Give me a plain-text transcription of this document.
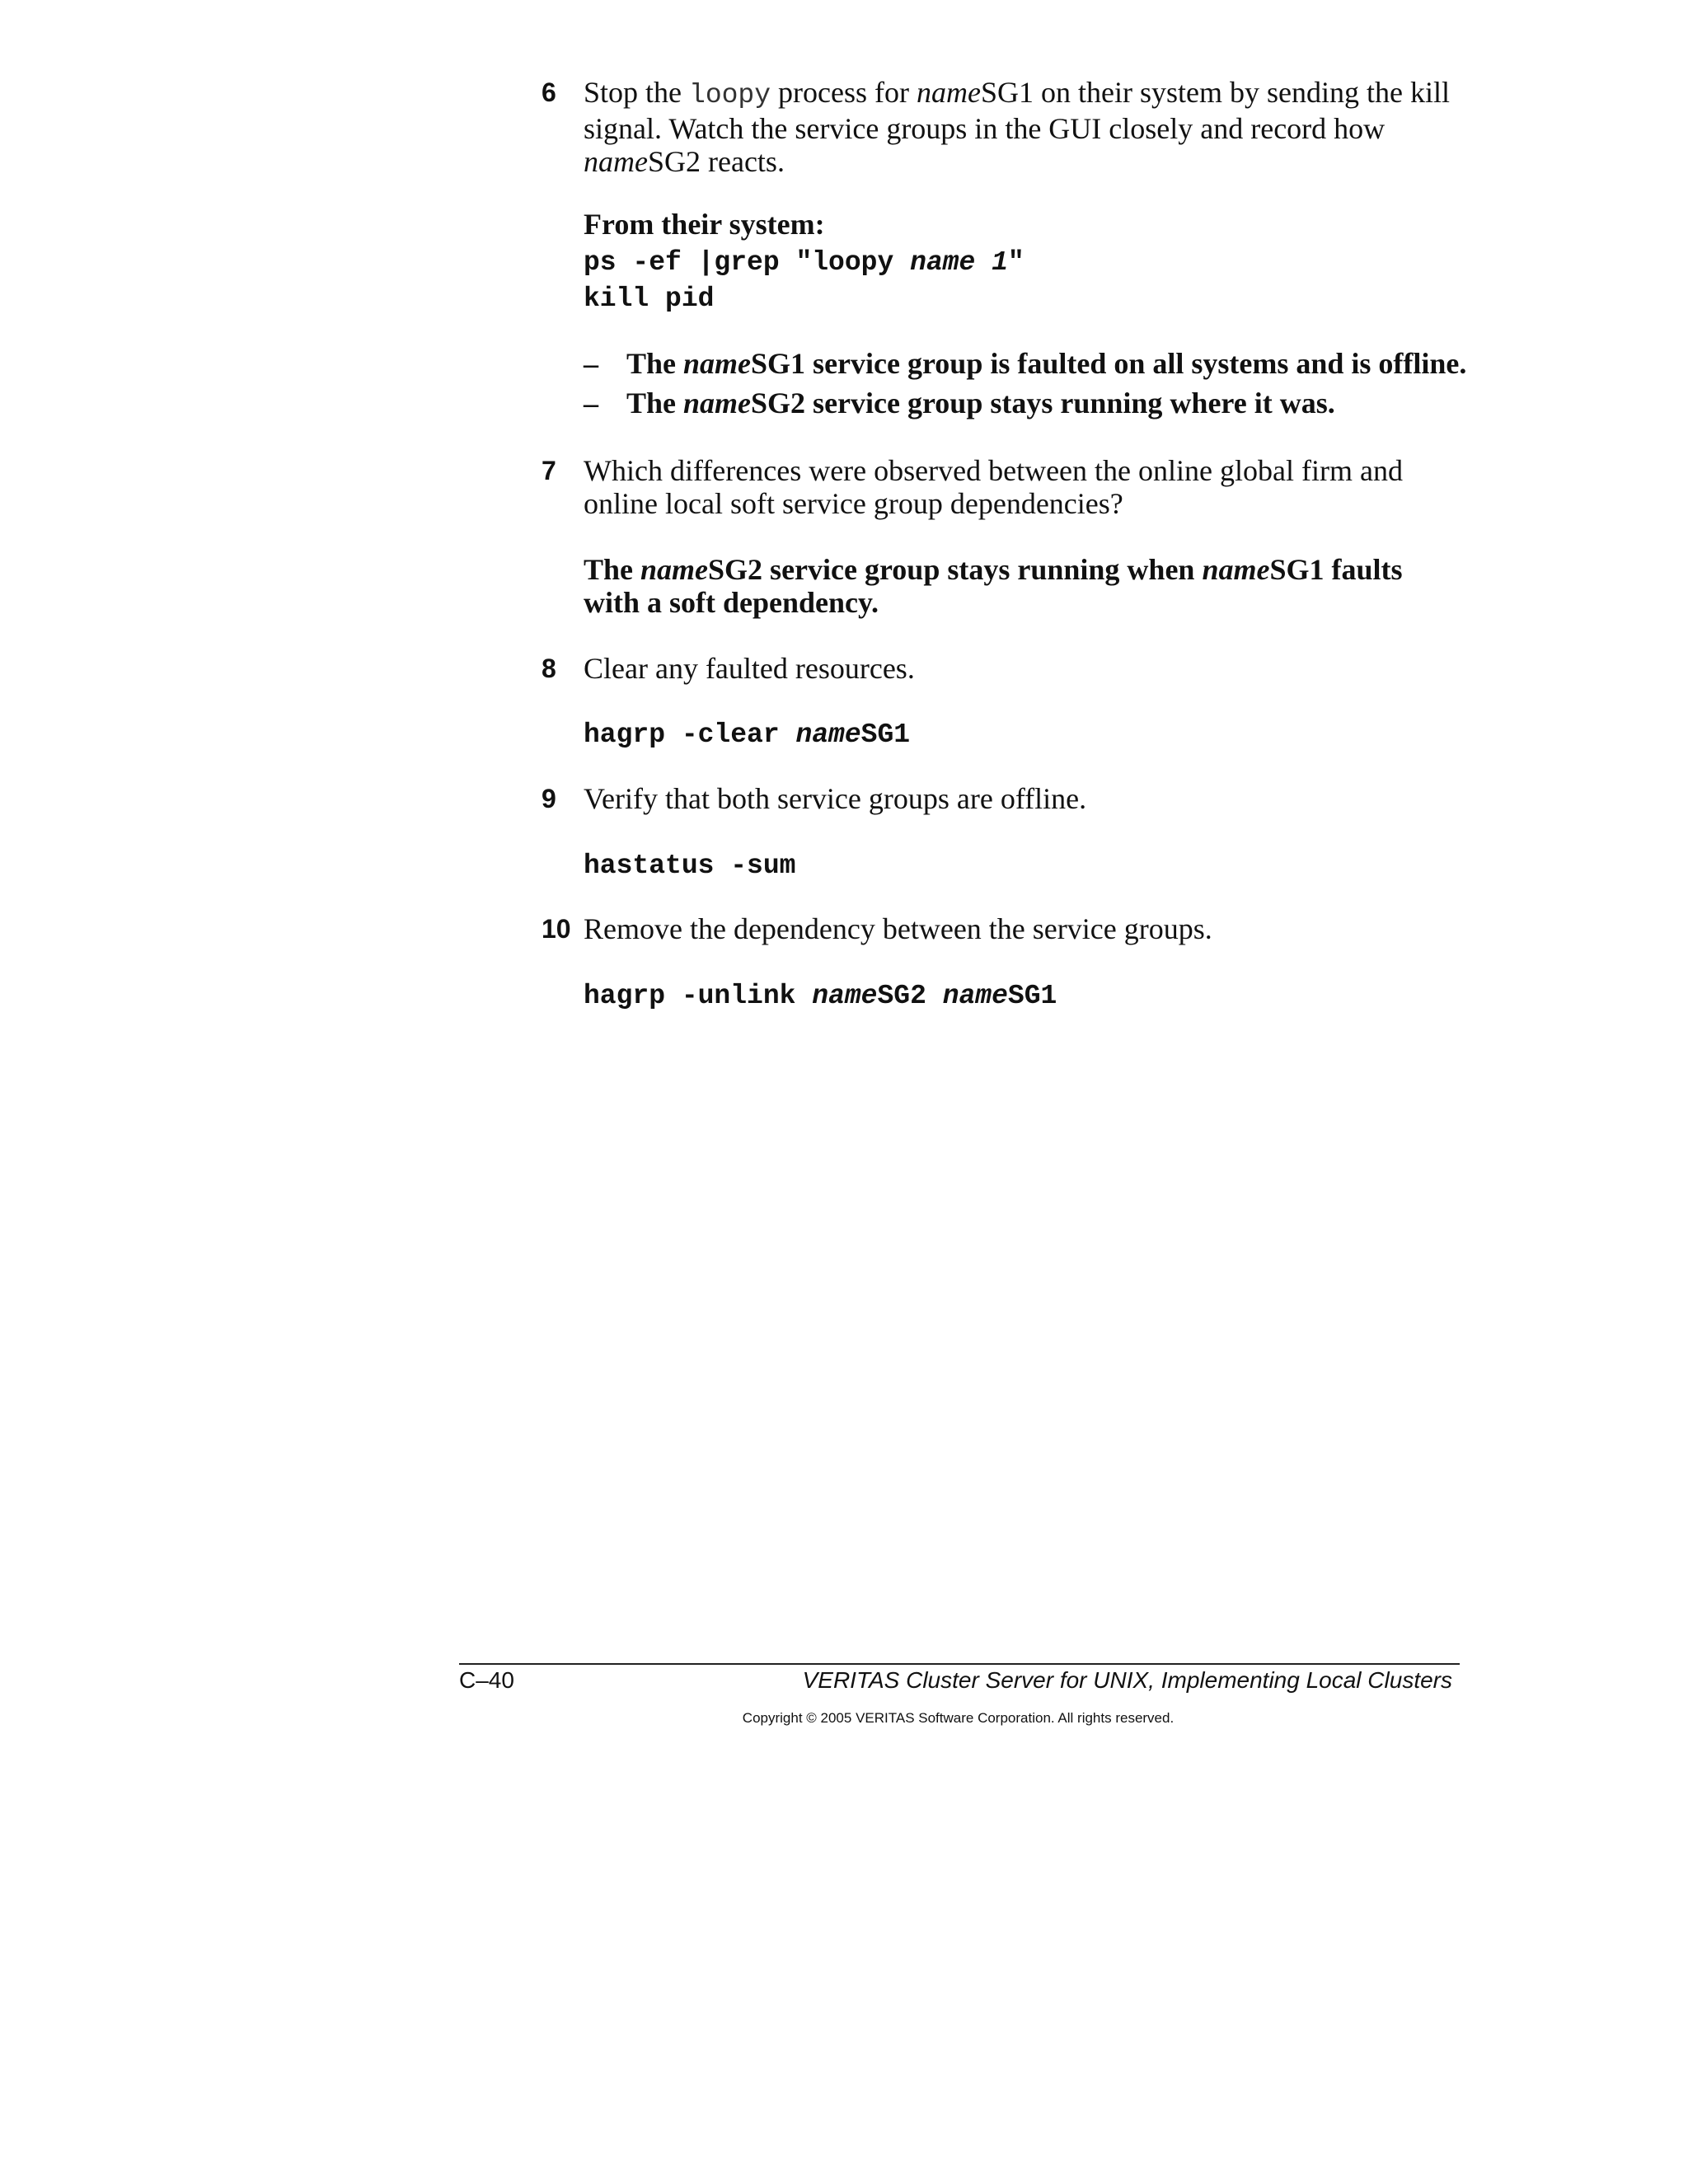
6 Stop the loopy process for nameSG1 on their system by sending the kill signal. Watch the service groups in the GUI closely and record how nameSG2 reacts.
From their system:
ps -ef |grep "loopy name 1"
kill pid
– The nameSG1 service group is faulted on all systems and is offline.
– The nameSG2 service group stays running where it was.
7 Which differences were observed between the online global firm and online local soft service group dependencies?
The nameSG2 service group stays running when nameSG1 faults with a soft dependency.
8 Clear any faulted resources.
hagrp -clear nameSG1
9 Verify that both service groups are offline.
hastatus -sum
10 Remove the dependency between the service groups.
hagrp -unlink nameSG2 nameSG1
C–40	VERITAS Cluster Server for UNIX, Implementing Local Clusters
Copyright © 2005 VERITAS Software Corporation. All rights reserved.
